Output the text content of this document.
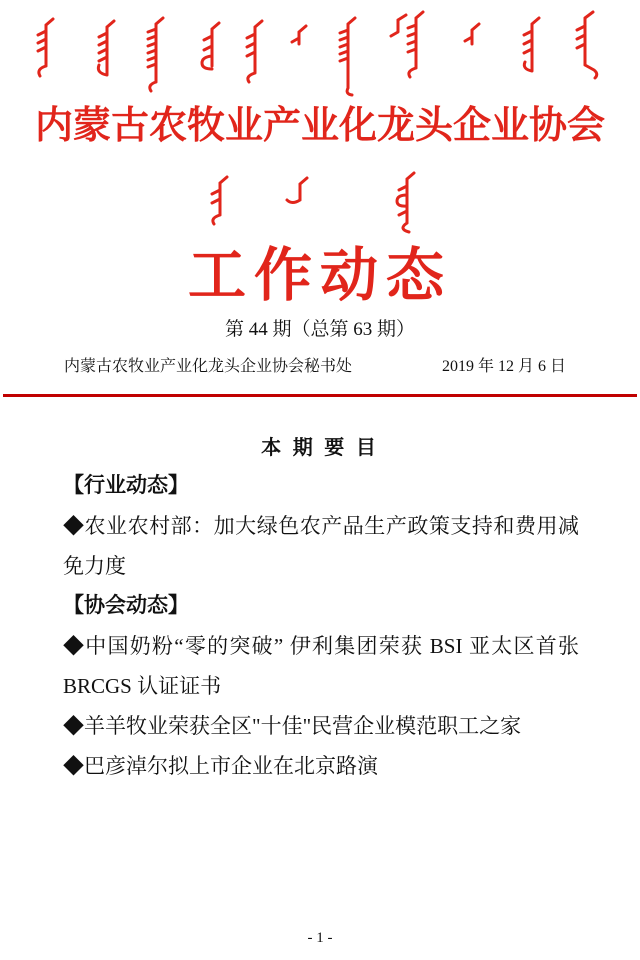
内蒙古农牧业产业化龙头企业协会
工作动态
第 44 期（总第 63 期）
内蒙古农牧业产业化龙头企业协会秘书处	2019 年 12 月 6 日
本 期 要 目
【行业动态】
◆农业农村部：加大绿色农产品生产政策支持和费用减免力度
【协会动态】
◆中国奶粉“零的突破” 伊利集团荣获 BSI 亚太区首张 BRCGS 认证证书
◆羊羊牧业荣获全区"十佳"民营企业模范职工之家
◆巴彦淖尔拟上市企业在北京路演
- 1 -
